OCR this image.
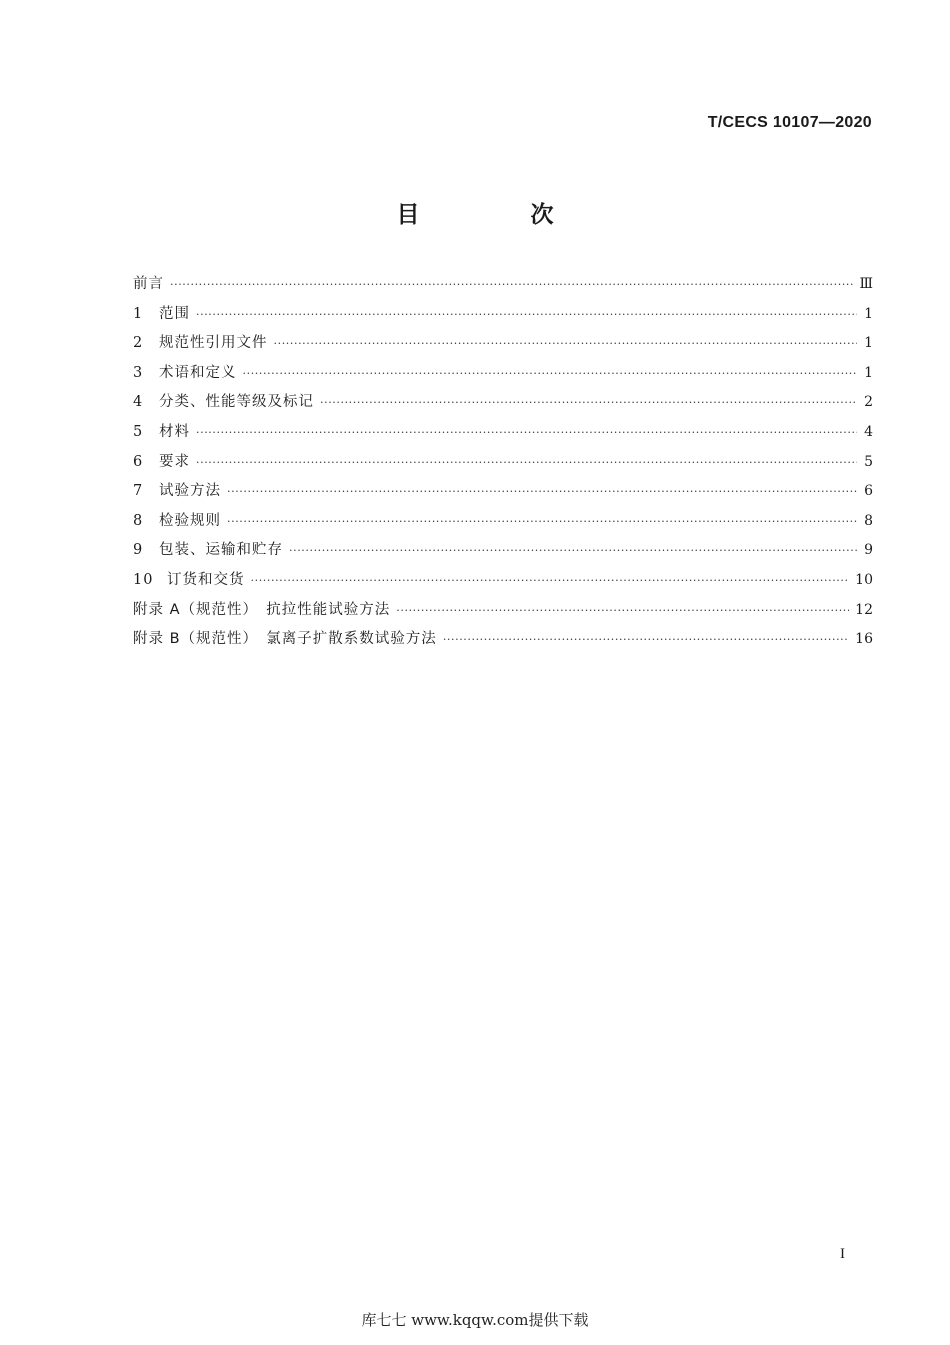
T/CECS 10107—2020
目　次
前言 ·····	Ⅲ
1 范围 ·····	1
2 规范性引用文件 ·····	1
3 术语和定义 ·····	1
4 分类、性能等级及标记 ·····	2
5 材料 ·····	4
6 要求 ·····	5
7 试验方法 ·····	6
8 检验规则 ·····	8
9 包装、运输和贮存 ·····	9
10 订货和交货 ·····	10
附录 A（规范性）　抗拉性能试验方法 ·····	12
附录 B（规范性）　氯离子扩散系数试验方法 ·····	16
I
库七七 www.kqqw.com提供下载
